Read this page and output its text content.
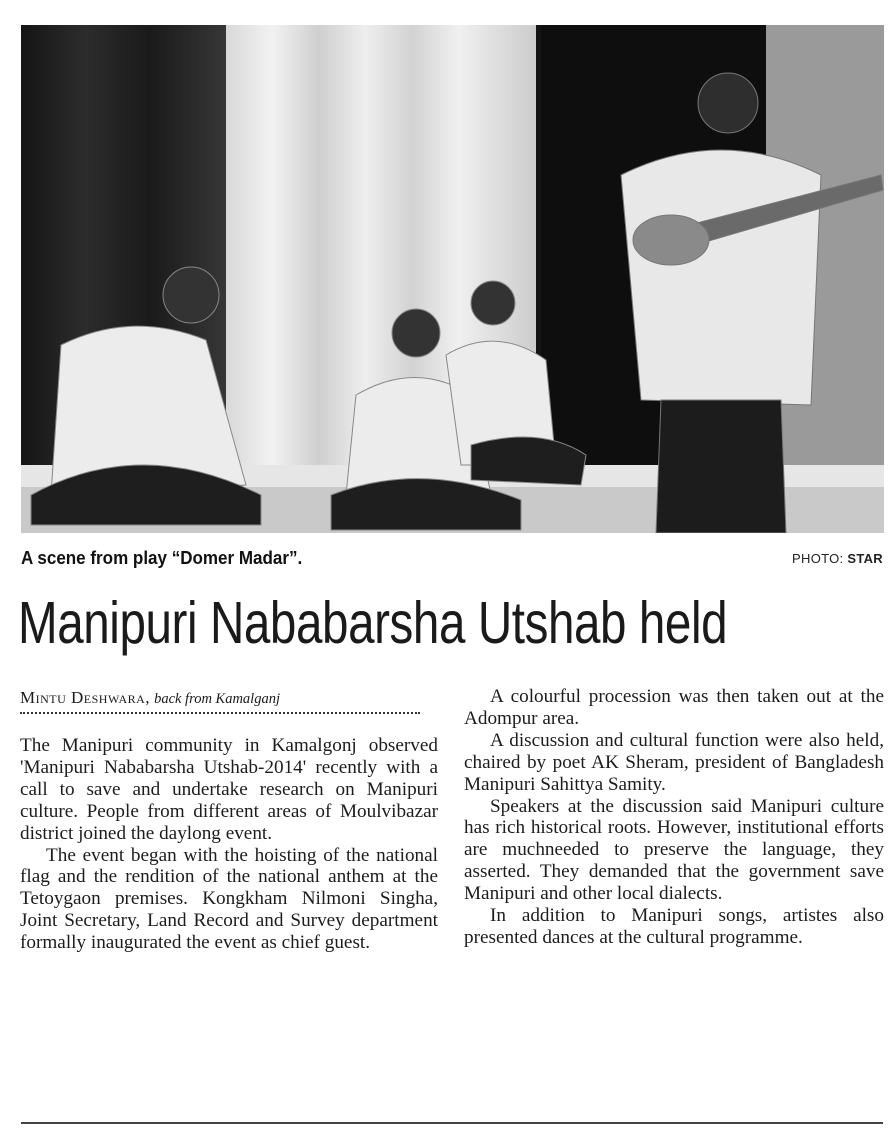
A scene from play “Domer Madar”.	PHOTO: STAR
Manipuri Nababarsha Utshab held
Mintu Deshwara, back from Kamalganj

The Manipuri community in Kamalgonj observed 'Manipuri Nababarsha Utshab-2014' recently with a call to save and undertake research on Manipuri culture. People from different areas of Moulvibazar district joined the daylong event.

The event began with the hoisting of the national flag and the rendition of the national anthem at the Tetoygaon premises. Kongkham Nilmoni Singha, Joint Secretary, Land Record and Survey department formally inaugurated the event as chief guest.

A colourful procession was then taken out at the Adompur area.

A discussion and cultural function were also held, chaired by poet AK Sheram, president of Bangladesh Manipuri Sahittya Samity.

Speakers at the discussion said Manipuri culture has rich historical roots. However, institutional efforts are muchneeded to preserve the language, they asserted. They demanded that the government save Manipuri and other local dialects.

In addition to Manipuri songs, artistes also presented dances at the cultural programme.
